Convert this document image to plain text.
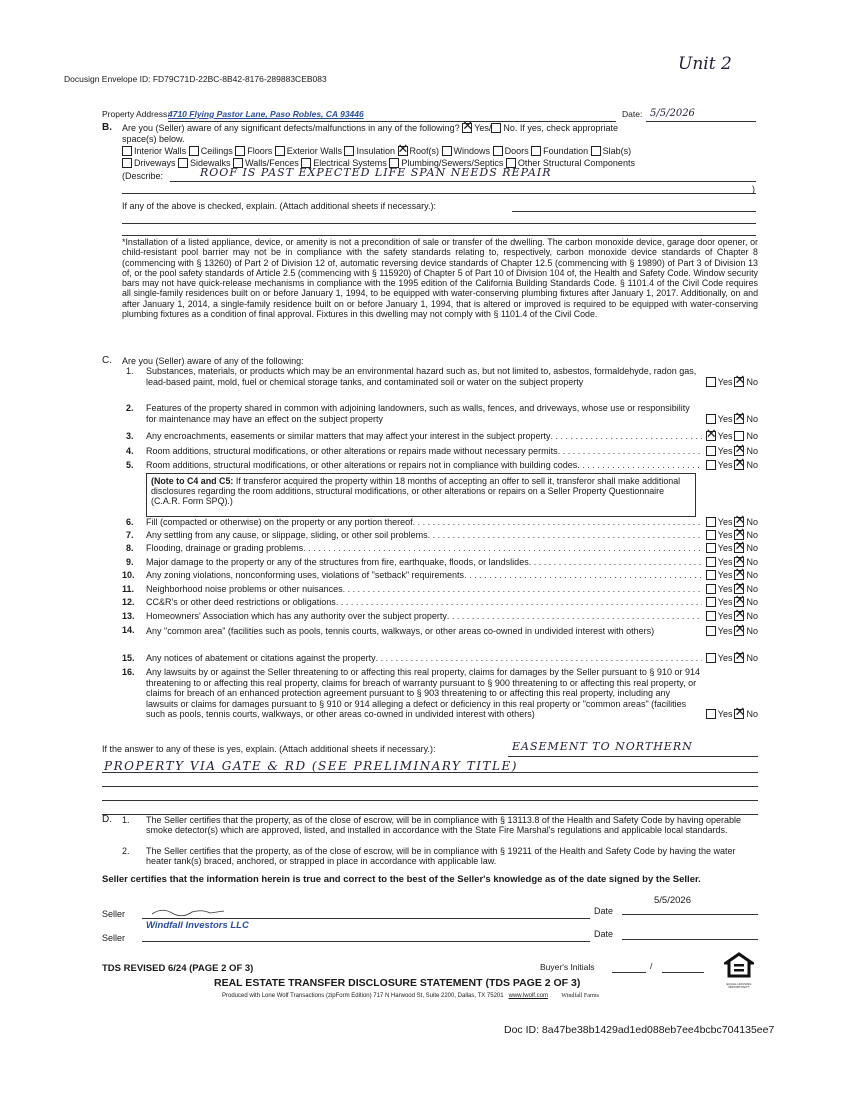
Docusign Envelope ID: FD79C71D-22BC-8B42-8176-289883CEB083
Unit 2
Property Address:
4710 Flying Pastor Lane, Paso Robles, CA 93446	Date: 5/5/2026
B. Are you (Seller) aware of any significant defects/malfunctions in any of the following? ✕ Yes/ No. If yes, check appropriate
space(s) below.
Interior Walls Ceilings Floors Exterior Walls Insulation ✕ Roof(s) Windows Doors Foundation Slab(s)
Driveways Sidewalks Walls/Fences Electrical Systems Plumbing/Sewers/Septics Other Structural Components
(Describe:	ROOF IS PAST EXPECTED LIFE SPAN NEEDS REPAIR
)
If any of the above is checked, explain. (Attach additional sheets if necessary.):
*Installation of a listed appliance, device, or amenity is not a precondition of sale or transfer of the dwelling. The carbon monoxide device, garage door opener, or child-resistant pool barrier may not be in compliance with the safety standards relating to, respectively, carbon monoxide device standards of Chapter 8 (commencing with § 13260) of Part 2 of Division 12 of, automatic reversing device standards of Chapter 12.5 (commencing with § 19890) of Part 3 of Division 13 of, or the pool safety standards of Article 2.5 (commencing with § 115920) of Chapter 5 of Part 10 of Division 104 of, the Health and Safety Code. Window security bars may not have quick-release mechanisms in compliance with the 1995 edition of the California Building Standards Code. § 1101.4 of the Civil Code requires all single-family residences built on or before January 1, 1994, to be equipped with water-conserving plumbing fixtures after January 1, 2017. Additionally, on and after January 1, 2014, a single-family residence built on or before January 1, 1994, that is altered or improved is required to be equipped with water-conserving plumbing fixtures as a condition of final approval. Fixtures in this dwelling may not comply with § 1101.4 of the Civil Code.
C. Are you (Seller) aware of any of the following:
1. Substances, materials, or products which may be an environmental hazard such as, but not limited to, asbestos, formaldehyde, radon gas, lead-based paint, mold, fuel or chemical storage tanks, and contaminated soil or water on the subject property	Yes ✕ No
2. Features of the property shared in common with adjoining landowners, such as walls, fences, and driveways, whose use or responsibility for maintenance may have an effect on the subject property	Yes ✕ No
3. Any encroachments, easements or similar matters that may affect your interest in the subject property . . . ✕	Yes No
4. Room additions, structural modifications, or other alterations or repairs made without necessary permits . . .	Yes ✕ No
5. Room additions, structural modifications, or other alterations or repairs not in compliance with building codes . . .	Yes ✕ No
6. Fill (compacted or otherwise) on the property or any portion thereof . . .	Yes ✕ No
7. Any settling from any cause, or slippage, sliding, or other soil problems . . .	Yes ✕ No
8. Flooding, drainage or grading problems . . .	Yes ✕ No
9. Major damage to the property or any of the structures from fire, earthquake, floods, or landslides . . .	Yes ✕ No
10. Any zoning violations, nonconforming uses, violations of "setback" requirements . . .	Yes ✕ No
11. Neighborhood noise problems or other nuisances . . .	Yes ✕ No
12. CC&R's or other deed restrictions or obligations . . .	Yes ✕ No
13. Homeowners' Association which has any authority over the subject property . . .	Yes ✕ No
14. Any "common area" (facilities such as pools, tennis courts, walkways, or other areas co-owned in undivided interest with others)	Yes ✕ No
15. Any notices of abatement or citations against the property . . .	Yes ✕ No
16. Any lawsuits by or against the Seller threatening to or affecting this real property, claims for damages by the Seller pursuant to § 910 or 914 threatening to or affecting this real property, claims for breach of warranty pursuant to § 900 threatening to or affecting this real property, or claims for breach of an enhanced protection agreement pursuant to § 903 threatening to or affecting this real property, including any lawsuits or claims for damages pursuant to § 910 or 914 alleging a defect or deficiency in this real property or "common areas" (facilities such as pools, tennis courts, walkways, or other areas co-owned in undivided interest with others)	Yes ✕ No
(Note to C4 and C5: If transferor acquired the property within 18 months of accepting an offer to sell it, transferor shall make additional disclosures regarding the room additions, structural modifications, or other alterations or repairs on a Seller Property Questionnaire (C.A.R. Form SPQ).)
If the answer to any of these is yes, explain. (Attach additional sheets if necessary.):	EASEMENT TO NORTHERN
PROPERTY VIA GATE & RD (SEE PRELIMINARY TITLE)
D. 1. The Seller certifies that the property, as of the close of escrow, will be in compliance with § 13113.8 of the Health and Safety Code by having operable smoke detector(s) which are approved, listed, and installed in accordance with the State Fire Marshal's regulations and applicable local standards.
2. The Seller certifies that the property, as of the close of escrow, will be in compliance with § 19211 of the Health and Safety Code by having the water heater tank(s) braced, anchored, or strapped in place in accordance with applicable law.
Seller certifies that the information herein is true and correct to the best of the Seller's knowledge as of the date signed by the Seller.
Seller
Windfall Investors LLC
Date
5/5/2026
Seller	Date
TDS REVISED 6/24 (PAGE 2 OF 3)	Buyer's Initials	/
EQUAL HOUSING OPPORTUNITY
REAL ESTATE TRANSFER DISCLOSURE STATEMENT (TDS PAGE 2 OF 3)
Produced with Lone Wolf Transactions (zipForm Edition) 717 N Harwood St, Suite 2200, Dallas, TX 75201 www.lwolf.com Windfall Farms
Doc ID: 8a47be38b1429ad1ed088eb7ee4bcbc704135ee7
